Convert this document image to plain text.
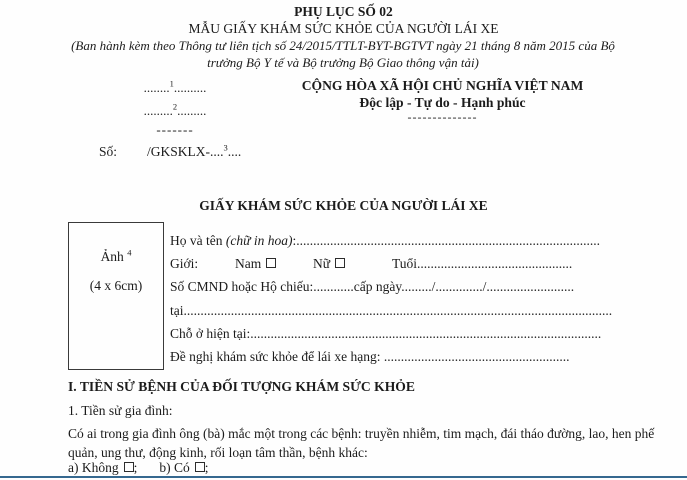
PHỤ LỤC SỐ 02
MẪU GIẤY KHÁM SỨC KHỎE CỦA NGƯỜI LÁI XE
(Ban hành kèm theo Thông tư liên tịch số 24/2015/TTLT-BYT-BGTVT ngày 21 tháng 8 năm 2015 của Bộ
trưởng Bộ Y tế và Bộ trưởng Bộ Giao thông vận tải)
........$^1$..........
.........$^2$.........
-------
CỘNG HÒA XÃ HỘI CHỦ NGHĨA VIỆT NAM
Độc lập - Tự do - Hạnh phúc
--------------
Số: /GKSKLX-....$^3$....
GIẤY KHÁM SỨC KHỎE CỦA NGƯỜI LÁI XE
Ảnh $^4$
(4 x 6cm)
Họ và tên (chữ in hoa):..........................................................................................
Giới:	Nam	Nữ	Tuổi..............................................
Số CMND hoặc Hộ chiếu:............cấp ngày........./............../..........................
tại...............................................................................................................................
Chỗ ở hiện tại:........................................................................................................
Đề nghị khám sức khỏe để lái xe hạng: .......................................................
I. TIỀN SỬ BỆNH CỦA ĐỐI TƯỢNG KHÁM SỨC KHỎE
1. Tiền sử gia đình:
Có ai trong gia đình ông (bà) mắc một trong các bệnh: truyền nhiễm, tim mạch, đái tháo đường, lao, hen phế quản, ung thư, động kinh, rối loạn tâm thần, bệnh khác:
a) Không ; b) Có ;
